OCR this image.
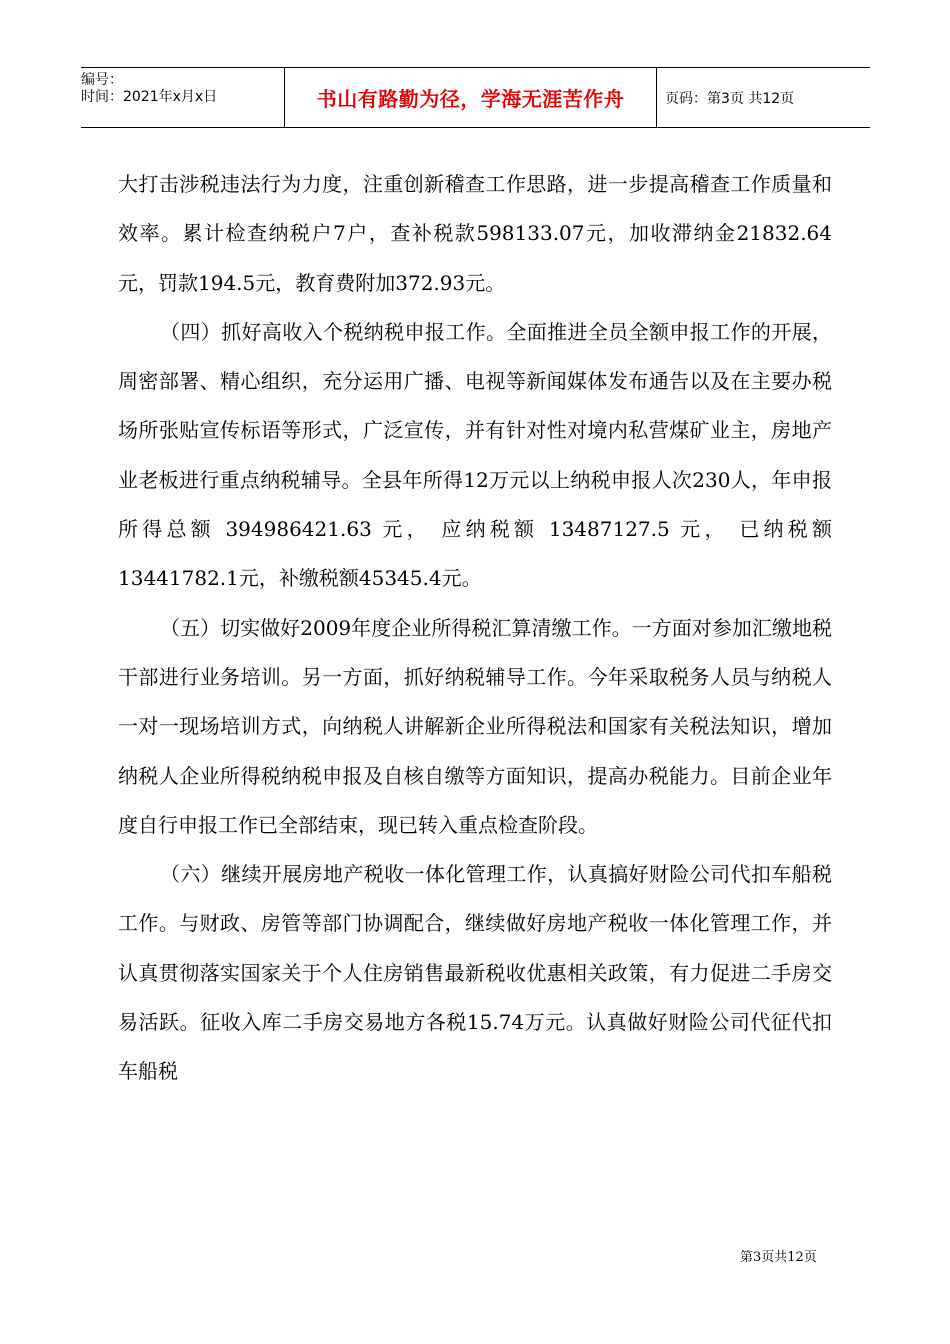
编号：
时间：2021年x月x日	书山有路勤为径，学海无涯苦作舟	页码：第3页 共12页

大打击涉税违法行为力度，注重创新稽查工作思路，进一步提高稽查工作质量和效率。累计检查纳税户7户，查补税款598133.07元，加收滞纳金21832.64元，罚款194.5元，教育费附加372.93元。

（四）抓好高收入个税纳税申报工作。全面推进全员全额申报工作的开展，周密部署、精心组织，充分运用广播、电视等新闻媒体发布通告以及在主要办税场所张贴宣传标语等形式，广泛宣传，并有针对性对境内私营煤矿业主，房地产业老板进行重点纳税辅导。全县年所得12万元以上纳税申报人次230人，年申报所得总额 394986421.63 元， 应纳税额 13487127.5 元， 已纳税额 13441782.1元，补缴税额45345.4元。

（五）切实做好2009年度企业所得税汇算清缴工作。一方面对参加汇缴地税干部进行业务培训。另一方面，抓好纳税辅导工作。今年采取税务人员与纳税人一对一现场培训方式，向纳税人讲解新企业所得税法和国家有关税法知识，增加纳税人企业所得税纳税申报及自核自缴等方面知识，提高办税能力。目前企业年度自行申报工作已全部结束，现已转入重点检查阶段。

（六）继续开展房地产税收一体化管理工作，认真搞好财险公司代扣车船税工作。与财政、房管等部门协调配合，继续做好房地产税收一体化管理工作，并认真贯彻落实国家关于个人住房销售最新税收优惠相关政策，有力促进二手房交易活跃。征收入库二手房交易地方各税15.74万元。认真做好财险公司代征代扣车船税

第3页共12页
